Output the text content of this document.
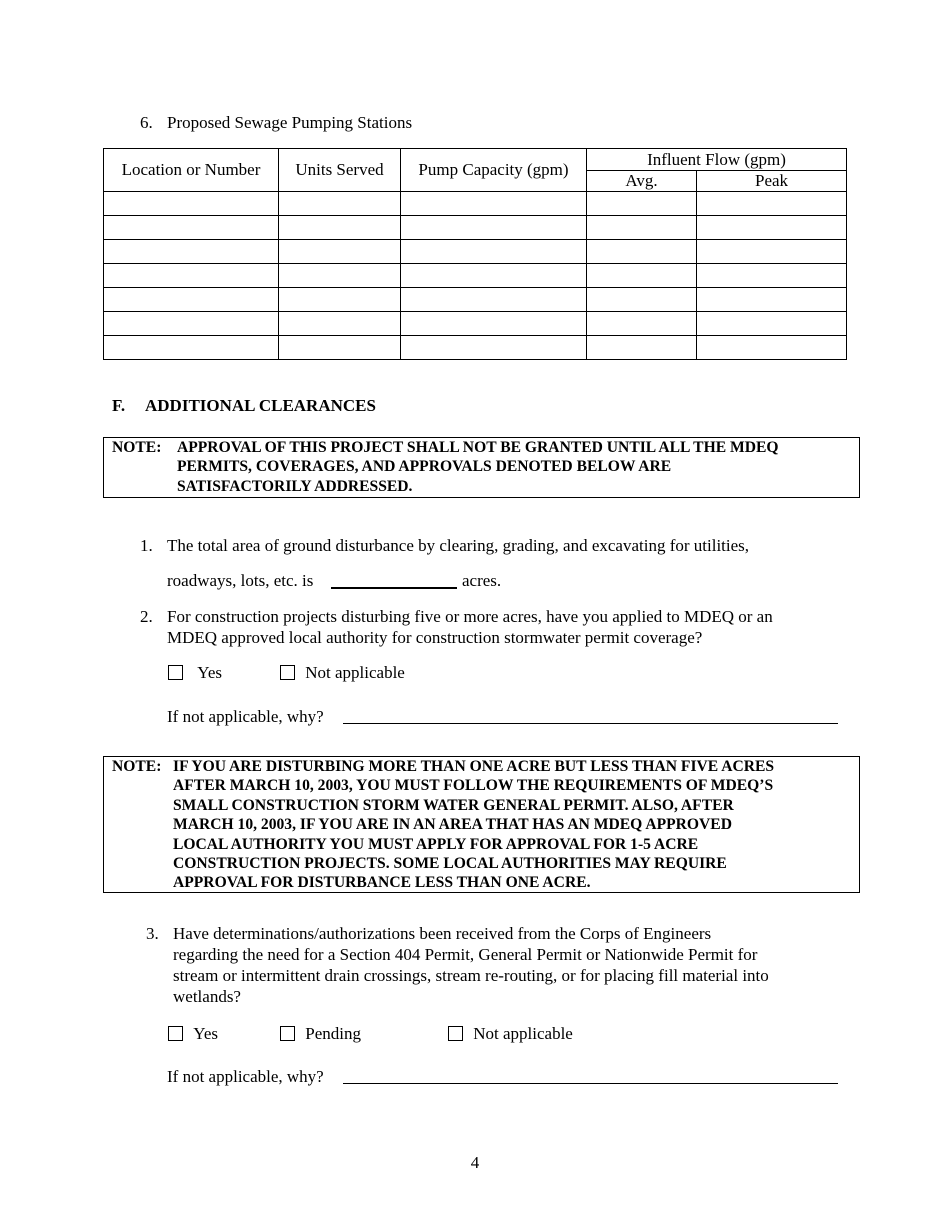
6. Proposed Sewage Pumping Stations
Location or Number	Units Served	Pump Capacity (gpm)	Influent Flow (gpm)	
			Avg.	Peak

F. ADDITIONAL CLEARANCES
NOTE: APPROVAL OF THIS PROJECT SHALL NOT BE GRANTED UNTIL ALL THE MDEQ
PERMITS, COVERAGES, AND APPROVALS DENOTED BELOW ARE
SATISFACTORILY ADDRESSED.
1. The total area of ground disturbance by clearing, grading, and excavating for utilities,
roadways, lots, etc. is	acres.
2. For construction projects disturbing five or more acres, have you applied to MDEQ or an
MDEQ approved local authority for construction stormwater permit coverage?
Yes	Not applicable
If not applicable, why?
NOTE: IF YOU ARE DISTURBING MORE THAN ONE ACRE BUT LESS THAN FIVE ACRES
AFTER MARCH 10, 2003, YOU MUST FOLLOW THE REQUIREMENTS OF MDEQ’S
SMALL CONSTRUCTION STORM WATER GENERAL PERMIT. ALSO, AFTER
MARCH 10, 2003, IF YOU ARE IN AN AREA THAT HAS AN MDEQ APPROVED
LOCAL AUTHORITY YOU MUST APPLY FOR APPROVAL FOR 1-5 ACRE
CONSTRUCTION PROJECTS. SOME LOCAL AUTHORITIES MAY REQUIRE
APPROVAL FOR DISTURBANCE LESS THAN ONE ACRE.
3. Have determinations/authorizations been received from the Corps of Engineers
regarding the need for a Section 404 Permit, General Permit or Nationwide Permit for
stream or intermittent drain crossings, stream re-routing, or for placing fill material into
wetlands?
Yes	Pending	Not applicable
If not applicable, why?
4
